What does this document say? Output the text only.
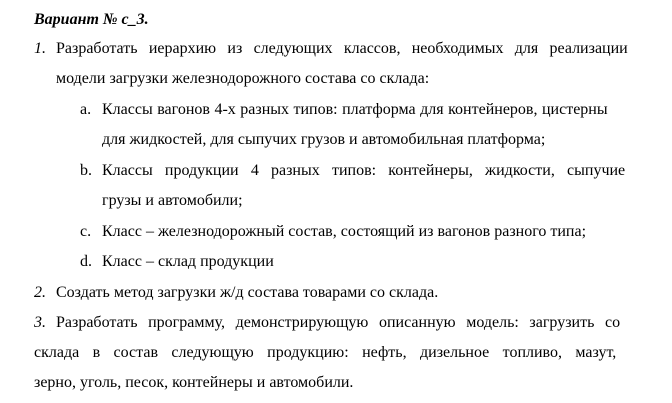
Вариант № с_3.
1. Разработать иерархию из следующих классов, необходимых для реализации
модели загрузки железнодорожного состава со склада:
a. Классы вагонов 4-х разных типов: платформа для контейнеров, цистерны
для жидкостей, для сыпучих грузов и автомобильная платформа;
b. Классы продукции 4 разных типов: контейнеры, жидкости, сыпучие
грузы и автомобили;
c. Класс – железнодорожный состав, состоящий из вагонов разного типа;
d. Класс – склад продукции
2. Создать метод загрузки ж/д состава товарами со склада.
3. Разработать программу, демонстрирующую описанную модель: загрузить со
склада в состав следующую продукцию: нефть, дизельное топливо, мазут,
зерно, уголь, песок, контейнеры и автомобили.
